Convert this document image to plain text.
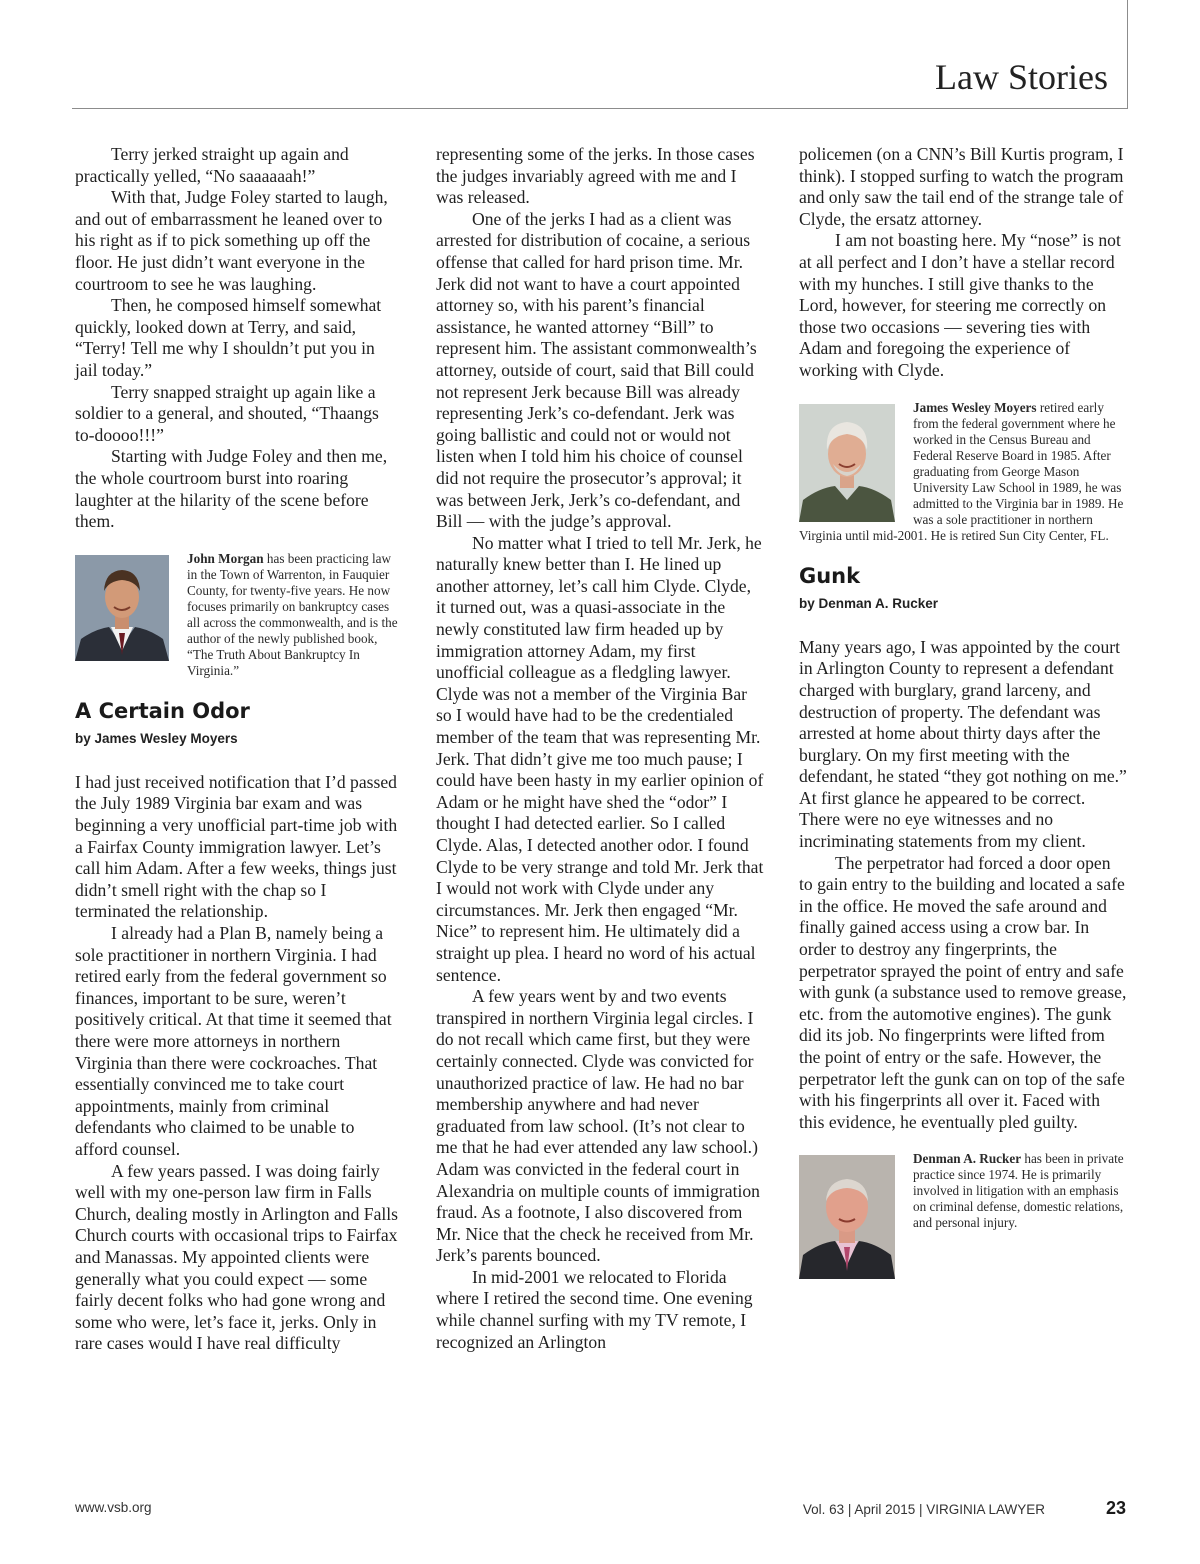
Law Stories

Terry jerked straight up again and practically yelled, “No saaaaaah!”

With that, Judge Foley started to laugh, and out of embarrassment he leaned over to his right as if to pick something up off the floor. He just didn’t want everyone in the courtroom to see he was laughing.

Then, he composed himself somewhat quickly, looked down at Terry, and said, “Terry! Tell me why I shouldn’t put you in jail today.”

Terry snapped straight up again like a soldier to a general, and shouted, “Thaangs to-doooo!!!”

Starting with Judge Foley and then me, the whole courtroom burst into roaring laughter at the hilarity of the scene before them.

John Morgan has been practicing law in the Town of Warrenton, in Fauquier County, for twenty-five years. He now focuses primarily on bankruptcy cases all across the commonwealth, and is the author of the newly published book, “The Truth About Bankruptcy In Virginia.”
A Certain Odor
by James Wesley Moyers

I had just received notification that I’d passed the July 1989 Virginia bar exam and was beginning a very unofficial part-time job with a Fairfax County immigration lawyer. Let’s call him Adam. After a few weeks, things just didn’t smell right with the chap so I terminated the relationship.

I already had a Plan B, namely being a sole practitioner in northern Virginia. I had retired early from the federal government so finances, important to be sure, weren’t positively critical. At that time it seemed that there were more attorneys in northern Virginia than there were cockroaches. That essentially convinced me to take court appointments, mainly from criminal defendants who claimed to be unable to afford counsel.

A few years passed. I was doing fairly well with my one-person law firm in Falls Church, dealing mostly in Arlington and Falls Church courts with occasional trips to Fairfax and Manassas. My appointed clients were generally what you could expect — some fairly decent folks who had gone wrong and some who were, let’s face it, jerks. Only in rare cases would I have real difficulty

representing some of the jerks. In those cases the judges invariably agreed with me and I was released.

One of the jerks I had as a client was arrested for distribution of cocaine, a serious offense that called for hard prison time. Mr. Jerk did not want to have a court appointed attorney so, with his parent’s financial assistance, he wanted attorney “Bill” to represent him. The assistant commonwealth’s attorney, outside of court, said that Bill could not represent Jerk because Bill was already representing Jerk’s co-defendant. Jerk was going ballistic and could not or would not listen when I told him his choice of counsel did not require the prosecutor’s approval; it was between Jerk, Jerk’s co-defendant, and Bill — with the judge’s approval.

No matter what I tried to tell Mr. Jerk, he naturally knew better than I. He lined up another attorney, let’s call him Clyde. Clyde, it turned out, was a quasi-associate in the newly constituted law firm headed up by immigration attorney Adam, my first unofficial colleague as a fledgling lawyer. Clyde was not a member of the Virginia Bar so I would have had to be the credentialed member of the team that was representing Mr. Jerk. That didn’t give me too much pause; I could have been hasty in my earlier opinion of Adam or he might have shed the “odor” I thought I had detected earlier. So I called Clyde. Alas, I detected another odor. I found Clyde to be very strange and told Mr. Jerk that I would not work with Clyde under any circumstances. Mr. Jerk then engaged “Mr. Nice” to represent him. He ultimately did a straight up plea. I heard no word of his actual sentence.

A few years went by and two events transpired in northern Virginia legal circles. I do not recall which came first, but they were certainly connected. Clyde was convicted for unauthorized practice of law. He had no bar membership anywhere and had never graduated from law school. (It’s not clear to me that he had ever attended any law school.) Adam was convicted in the federal court in Alexandria on multiple counts of immigration fraud. As a footnote, I also discovered from Mr. Nice that the check he received from Mr. Jerk’s parents bounced.

In mid-2001 we relocated to Florida where I retired the second time. One evening while channel surfing with my TV remote, I recognized an Arlington

policemen (on a CNN’s Bill Kurtis program, I think). I stopped surfing to watch the program and only saw the tail end of the strange tale of Clyde, the ersatz attorney.

I am not boasting here. My “nose” is not at all perfect and I don’t have a stellar record with my hunches. I still give thanks to the Lord, however, for steering me correctly on those two occasions — severing ties with Adam and foregoing the experience of working with Clyde.

James Wesley Moyers retired early from the federal government where he worked in the Census Bureau and Federal Reserve Board in 1985. After graduating from George Mason University Law School in 1989, he was admitted to the Virginia bar in 1989. He was a sole practitioner in northern Virginia until mid-2001. He is retired Sun City Center, FL.
Gunk
by Denman A. Rucker

Many years ago, I was appointed by the court in Arlington County to represent a defendant charged with burglary, grand larceny, and destruction of property. The defendant was arrested at home about thirty days after the burglary. On my first meeting with the defendant, he stated “they got nothing on me.” At first glance he appeared to be correct. There were no eye witnesses and no incriminating statements from my client.

The perpetrator had forced a door open to gain entry to the building and located a safe in the office. He moved the safe around and finally gained access using a crow bar. In order to destroy any fingerprints, the perpetrator sprayed the point of entry and safe with gunk (a substance used to remove grease, etc. from the automotive engines). The gunk did its job. No fingerprints were lifted from the point of entry or the safe. However, the perpetrator left the gunk can on top of the safe with his fingerprints all over it. Faced with this evidence, he eventually pled guilty.

Denman A. Rucker has been in private practice since 1974. He is primarily involved in litigation with an emphasis on criminal defense, domestic relations, and personal injury.
www.vsb.org	Vol. 63 | April 2015 | VIRGINIA LAWYER	23
